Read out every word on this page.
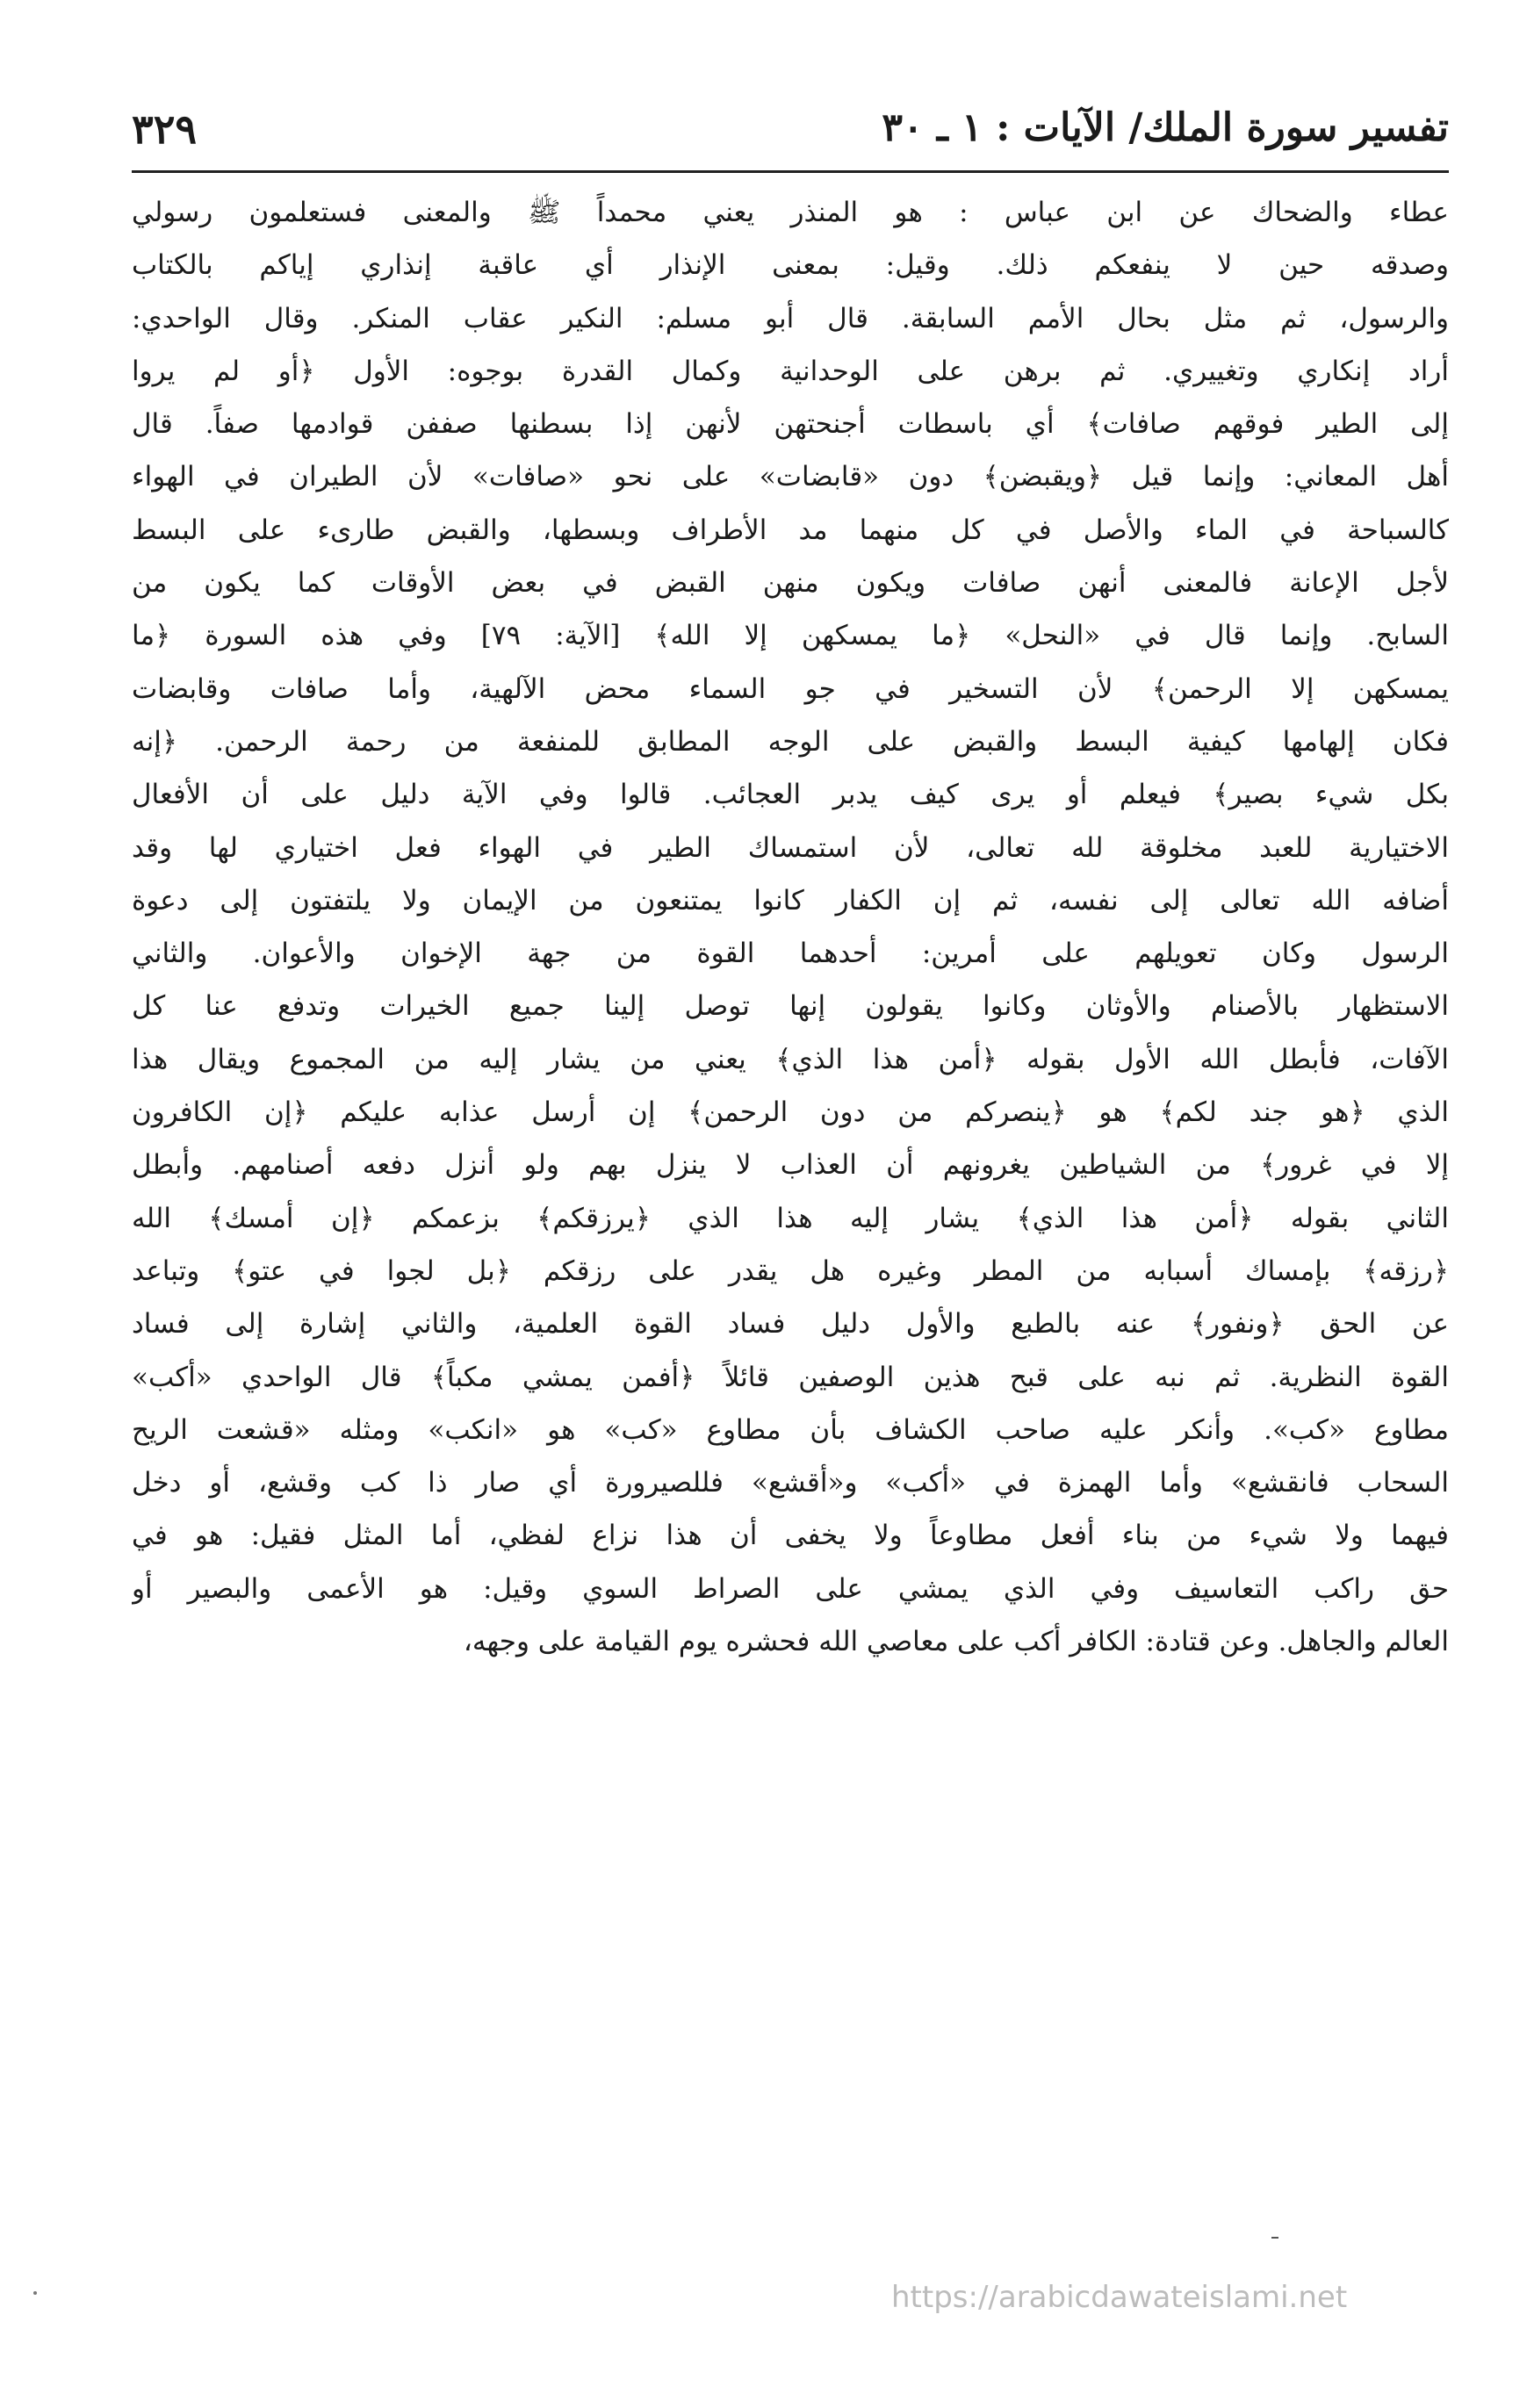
تفسير سورة الملك/ الآيات : ١ ـ ٣٠
٣٢٩
عطاء والضحاك عن ابن عباس : هو المنذر يعني محمداً ﷺ والمعنى فستعلمون رسولي
وصدقه حين لا ينفعكم ذلك. وقيل: بمعنى الإنذار أي عاقبة إنذاري إياكم بالكتاب
والرسول، ثم مثل بحال الأمم السابقة. قال أبو مسلم: النكير عقاب المنكر. وقال الواحدي:
أراد إنكاري وتغييري. ثم برهن على الوحدانية وكمال القدرة بوجوه: الأول ﴿أو لم يروا
إلى الطير فوقهم صافات﴾ أي باسطات أجنحتهن لأنهن إذا بسطنها صففن قوادمها صفاً. قال
أهل المعاني: وإنما قيل ﴿ويقبضن﴾ دون «قابضات» على نحو «صافات» لأن الطيران في الهواء
كالسباحة في الماء والأصل في كل منهما مد الأطراف وبسطها، والقبض طارىء على البسط
لأجل الإعانة فالمعنى أنهن صافات ويكون منهن القبض في بعض الأوقات كما يكون من
السابح. وإنما قال في «النحل» ﴿ما يمسكهن إلا الله﴾ [الآية: ٧٩] وفي هذه السورة ﴿ما
يمسكهن إلا الرحمن﴾ لأن التسخير في جو السماء محض الآلهية، وأما صافات وقابضات
فكان إلهامها كيفية البسط والقبض على الوجه المطابق للمنفعة من رحمة الرحمن. ﴿إنه
بكل شيء بصير﴾ فيعلم أو يرى كيف يدبر العجائب. قالوا وفي الآية دليل على أن الأفعال
الاختيارية للعبد مخلوقة لله تعالى، لأن استمساك الطير في الهواء فعل اختياري لها وقد
أضافه الله تعالى إلى نفسه، ثم إن الكفار كانوا يمتنعون من الإيمان ولا يلتفتون إلى دعوة
الرسول وكان تعويلهم على أمرين: أحدهما القوة من جهة الإخوان والأعوان. والثاني
الاستظهار بالأصنام والأوثان وكانوا يقولون إنها توصل إلينا جميع الخيرات وتدفع عنا كل
الآفات، فأبطل الله الأول بقوله ﴿أمن هذا الذي﴾ يعني من يشار إليه من المجموع ويقال هذا
الذي ﴿هو جند لكم﴾ هو ﴿ينصركم من دون الرحمن﴾ إن أرسل عذابه عليكم ﴿إن الكافرون
إلا في غرور﴾ من الشياطين يغرونهم أن العذاب لا ينزل بهم ولو أنزل دفعه أصنامهم. وأبطل
الثاني بقوله ﴿أمن هذا الذي﴾ يشار إليه هذا الذي ﴿يرزقكم﴾ بزعمكم ﴿إن أمسك﴾ الله
﴿رزقه﴾ بإمساك أسبابه من المطر وغيره هل يقدر على رزقكم ﴿بل لجوا في عتو﴾ وتباعد
عن الحق ﴿ونفور﴾ عنه بالطبع والأول دليل فساد القوة العلمية، والثاني إشارة إلى فساد
القوة النظرية. ثم نبه على قبح هذين الوصفين قائلاً ﴿أفمن يمشي مكباً﴾ قال الواحدي «أكب»
مطاوع «كب». وأنكر عليه صاحب الكشاف بأن مطاوع «كب» هو «انكب» ومثله «قشعت الريح
السحاب فانقشع» وأما الهمزة في «أكب» و«أقشع» فللصيرورة أي صار ذا كب وقشع، أو دخل
فيهما ولا شيء من بناء أفعل مطاوعاً ولا يخفى أن هذا نزاع لفظي، أما المثل فقيل: هو في
حق راكب التعاسيف وفي الذي يمشي على الصراط السوي وقيل: هو الأعمى والبصير أو
العالم والجاهل. وعن قتادة: الكافر أكب على معاصي الله فحشره يوم القيامة على وجهه،
https://arabicdawateislami.net
